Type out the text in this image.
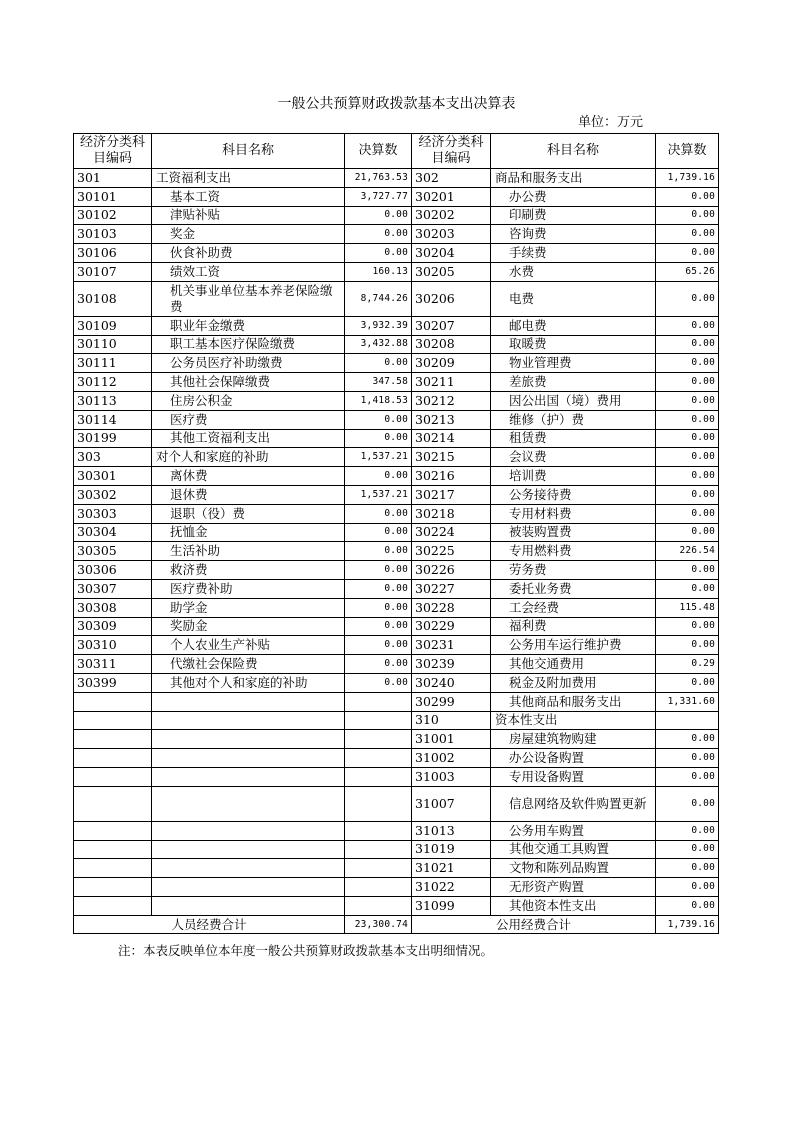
一般公共预算财政拨款基本支出决算表
单位：万元
经济分类科目编码	科目名称	决算数	经济分类科目编码	科目名称	决算数
301	工资福利支出	21,763.53	302	商品和服务支出	1,739.16
30101	基本工资	3,727.77	30201	办公费	0.00
30102	津贴补贴	0.00	30202	印刷费	0.00
30103	奖金	0.00	30203	咨询费	0.00
30106	伙食补助费	0.00	30204	手续费	0.00
30107	绩效工资	160.13	30205	水费	65.26
30108	机关事业单位基本养老保险缴费	8,744.26	30206	电费	0.00
30109	职业年金缴费	3,932.39	30207	邮电费	0.00
30110	职工基本医疗保险缴费	3,432.88	30208	取暖费	0.00
30111	公务员医疗补助缴费	0.00	30209	物业管理费	0.00
30112	其他社会保障缴费	347.58	30211	差旅费	0.00
30113	住房公积金	1,418.53	30212	因公出国（境）费用	0.00
30114	医疗费	0.00	30213	维修（护）费	0.00
30199	其他工资福利支出	0.00	30214	租赁费	0.00
303	对个人和家庭的补助	1,537.21	30215	会议费	0.00
30301	离休费	0.00	30216	培训费	0.00
30302	退休费	1,537.21	30217	公务接待费	0.00
30303	退职（役）费	0.00	30218	专用材料费	0.00
30304	抚恤金	0.00	30224	被装购置费	0.00
30305	生活补助	0.00	30225	专用燃料费	226.54
30306	救济费	0.00	30226	劳务费	0.00
30307	医疗费补助	0.00	30227	委托业务费	0.00
30308	助学金	0.00	30228	工会经费	115.48
30309	奖励金	0.00	30229	福利费	0.00
30310	个人农业生产补贴	0.00	30231	公务用车运行维护费	0.00
30311	代缴社会保险费	0.00	30239	其他交通费用	0.29
30399	其他对个人和家庭的补助	0.00	30240	税金及附加费用	0.00
			30299	其他商品和服务支出	1,331.60
			310	资本性支出	
			31001	房屋建筑物购建	0.00
			31002	办公设备购置	0.00
			31003	专用设备购置	0.00
			31007	信息网络及软件购置更新	0.00
			31013	公务用车购置	0.00
			31019	其他交通工具购置	0.00
			31021	文物和陈列品购置	0.00
			31022	无形资产购置	0.00
			31099	其他资本性支出	0.00
人员经费合计		23,300.74	公用经费合计		1,739.16
注：本表反映单位本年度一般公共预算财政拨款基本支出明细情况。
